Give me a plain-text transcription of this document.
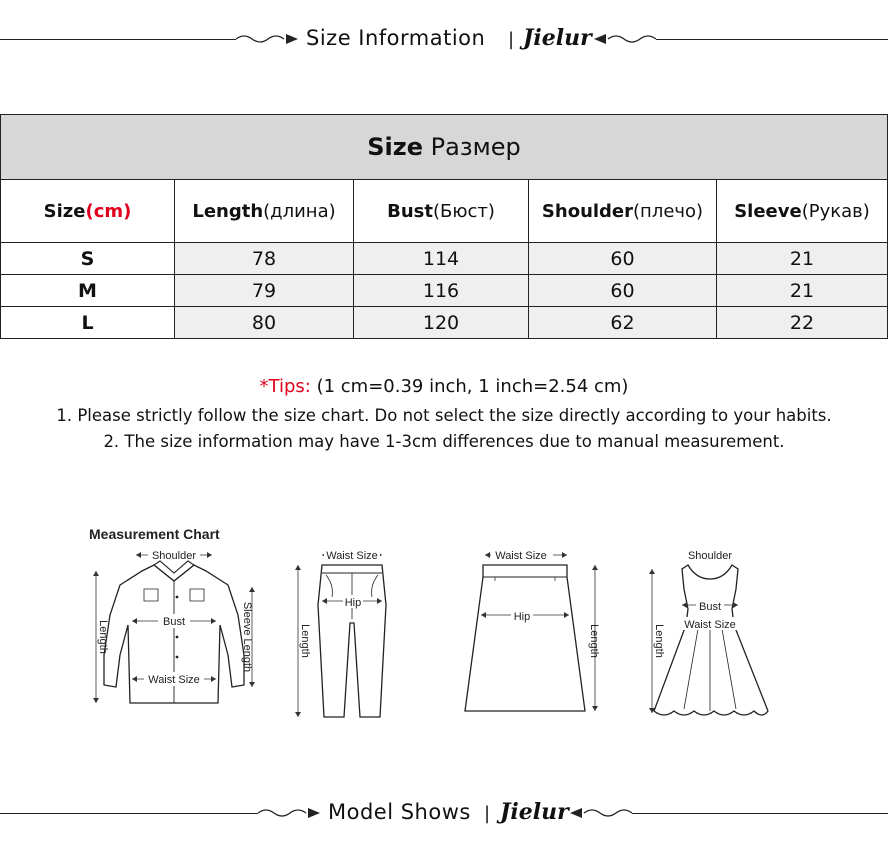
Size Information | Jielur
Size Размер				
Size(cm)	Length(длина)	Bust(Бюст)	Shoulder(плечо)	Sleeve(Рукав)
S	78	114	60	21
M	79	116	60	21
L	80	120	62	22
*Tips: (1 cm=0.39 inch, 1 inch=2.54 cm)
1. Please strictly follow the size chart. Do not select the size directly according to your habits.
2. The size information may have 1-3cm differences due to manual measurement.
Measurement Chart
Shoulder
Bust
Waist Size
Length	Sleeve Length
Waist Size
Hip
Length
Waist Size
Hip
Length
Shoulder
Bust
Waist Size
Length
Model Shows | Jielur
